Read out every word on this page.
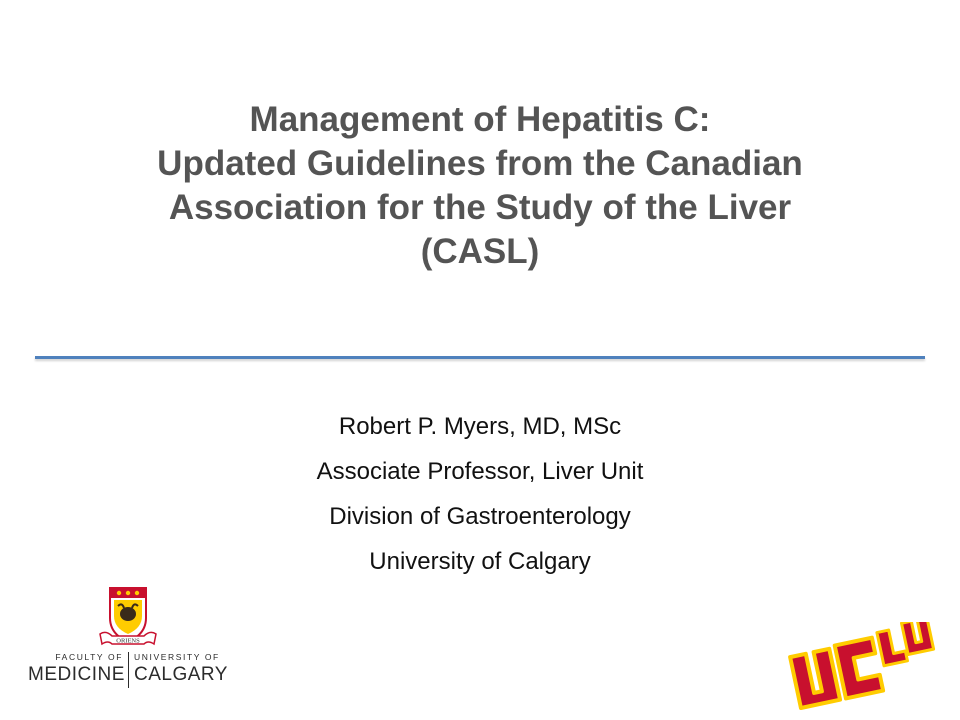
Management of Hepatitis C:
Updated Guidelines from the Canadian
Association for the Study of the Liver
(CASL)
Robert P. Myers, MD, MSc
Associate Professor, Liver Unit
Division of Gastroenterology
University of Calgary
ORIENS
FACULTY OF
MEDICINE
UNIVERSITY OF
CALGARY
UCLU
